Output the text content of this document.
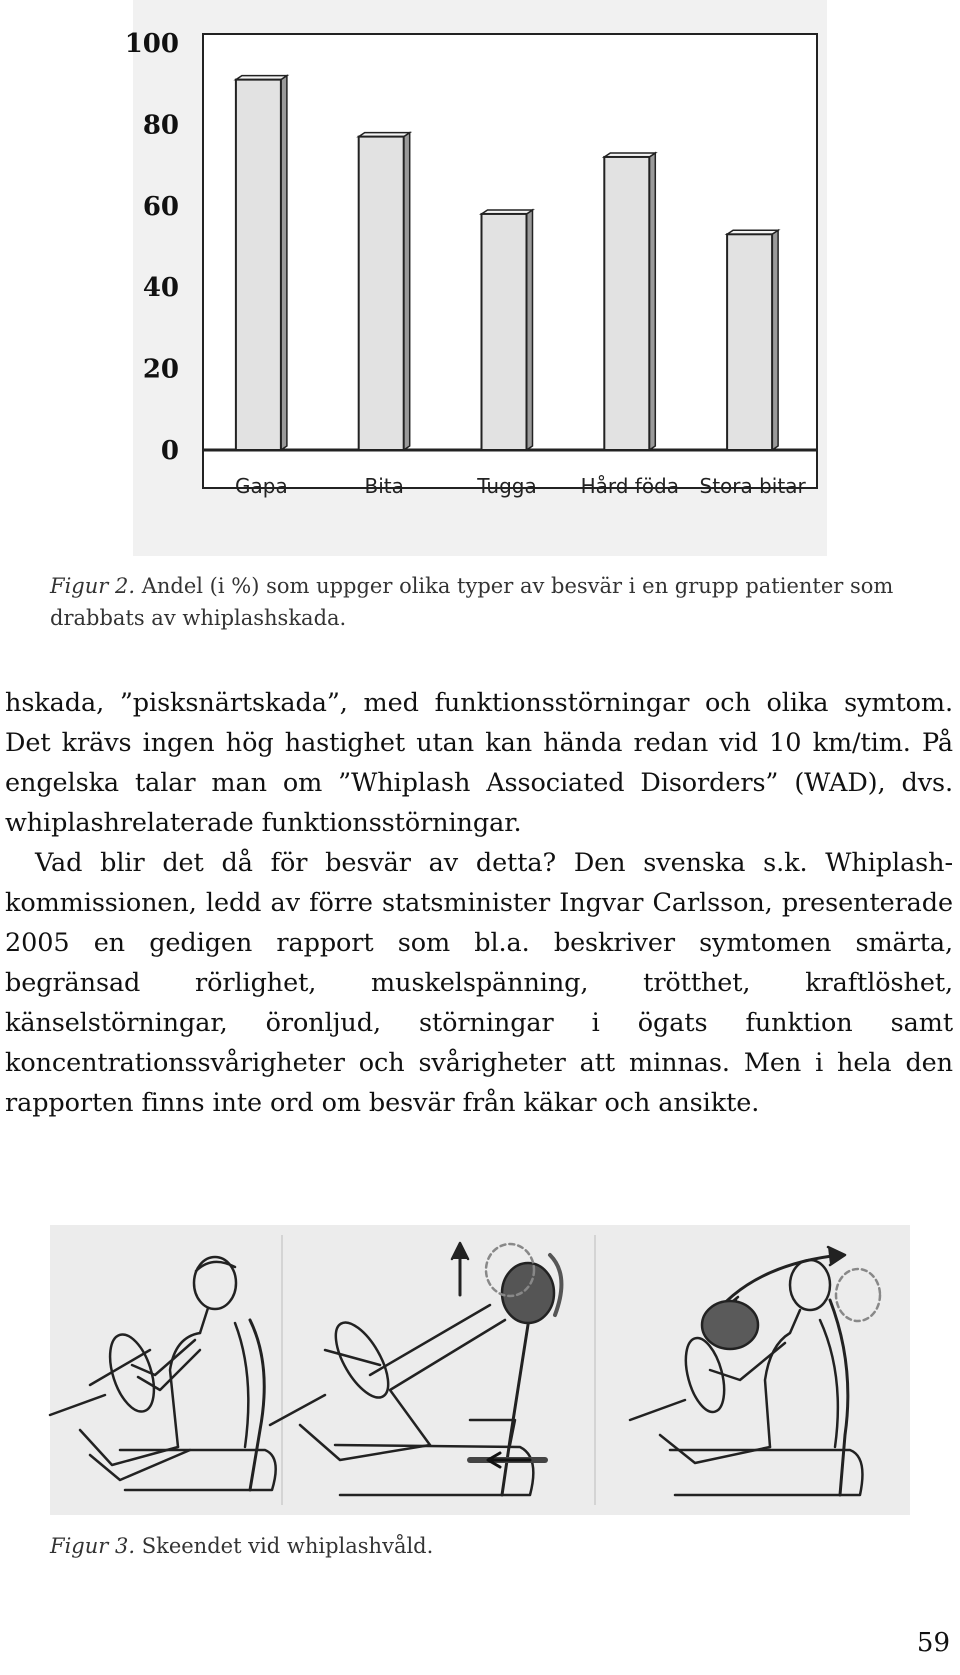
0
20
40
60
80
100
Gapa	Bita	Tugga Hård föda Stora bitar

Figur 2. Andel (i %) som uppger olika typer av besvär i en grupp patienter som drabbats av whiplashskada.

hskada, ”pisksnärtskada”, med funktionsstörningar och olika symtom. Det krävs ingen hög hastighet utan kan hända redan vid 10 km/tim. På engelska talar man om ”Whiplash Associated Disorders” (WAD), dvs. whiplashrelaterade funktionsstörningar.

Vad blir det då för besvär av detta? Den svenska s.k. Whiplash-kommissionen, ledd av förre statsminister Ingvar Carlsson, presenterade 2005 en gedigen rapport som bl.a. beskriver symtomen smärta, begränsad rörlighet, muskelspänning, trötthet, kraftlöshet, känselstörningar, öronljud, störningar i ögats funktion samt koncentrationssvårigheter och svårigheter att minnas. Men i hela den rapporten finns inte ord om besvär från käkar och ansikte.

Figur 3. Skeendet vid whiplashvåld.

59
